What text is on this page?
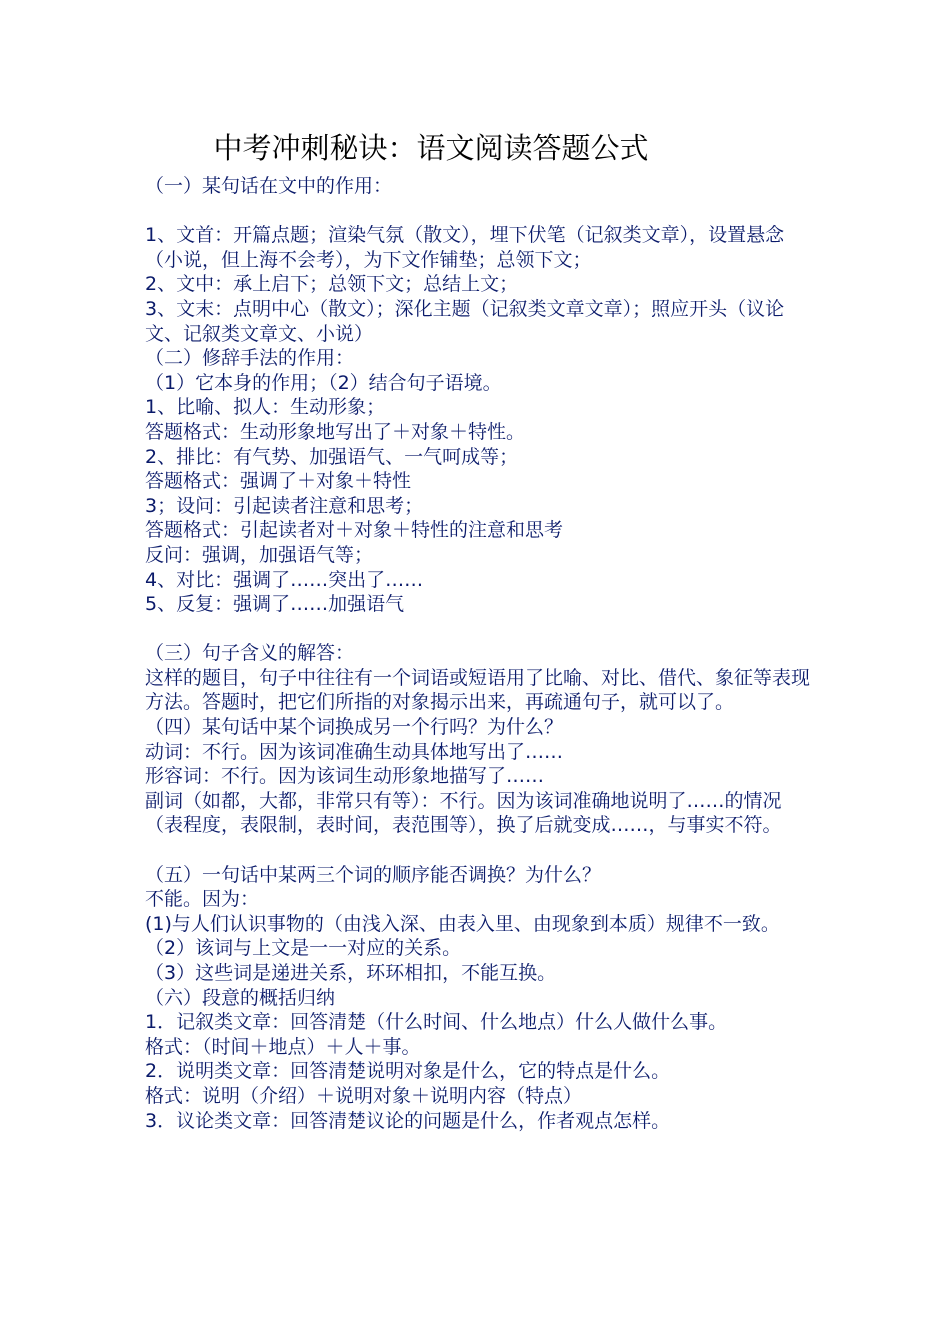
中考冲刺秘诀：语文阅读答题公式

（一）某句话在文中的作用：

1、文首：开篇点题；渲染气氛（散文），埋下伏笔（记叙类文章），设置悬念（小说，但上海不会考），为下文作铺垫；总领下文；

2、文中：承上启下；总领下文；总结上文；

3、文末：点明中心（散文）；深化主题（记叙类文章文章）；照应开头（议论文、记叙类文章文、小说）

（二）修辞手法的作用：

（1）它本身的作用；（2）结合句子语境。

1、比喻、拟人：生动形象；

答题格式：生动形象地写出了＋对象＋特性。

2、排比：有气势、加强语气、一气呵成等；

答题格式：强调了＋对象＋特性

3；设问：引起读者注意和思考；

答题格式：引起读者对＋对象＋特性的注意和思考

反问：强调，加强语气等；

4、对比：强调了……突出了……

5、反复：强调了……加强语气

（三）句子含义的解答：

这样的题目，句子中往往有一个词语或短语用了比喻、对比、借代、象征等表现方法。答题时，把它们所指的对象揭示出来，再疏通句子，就可以了。

（四）某句话中某个词换成另一个行吗？为什么？

动词：不行。因为该词准确生动具体地写出了……

形容词：不行。因为该词生动形象地描写了……

副词（如都，大都，非常只有等）：不行。因为该词准确地说明了……的情况（表程度，表限制，表时间，表范围等），换了后就变成……，与事实不符。

（五）一句话中某两三个词的顺序能否调换？为什么？

不能。因为：

(1)与人们认识事物的（由浅入深、由表入里、由现象到本质）规律不一致。

（2）该词与上文是一一对应的关系。

（3）这些词是递进关系，环环相扣，不能互换。

（六）段意的概括归纳

1．记叙类文章：回答清楚（什么时间、什么地点）什么人做什么事。

格式：（时间＋地点）＋人＋事。

2．说明类文章：回答清楚说明对象是什么，它的特点是什么。

格式：说明（介绍）＋说明对象＋说明内容（特点）

3．议论类文章：回答清楚议论的问题是什么，作者观点怎样。
